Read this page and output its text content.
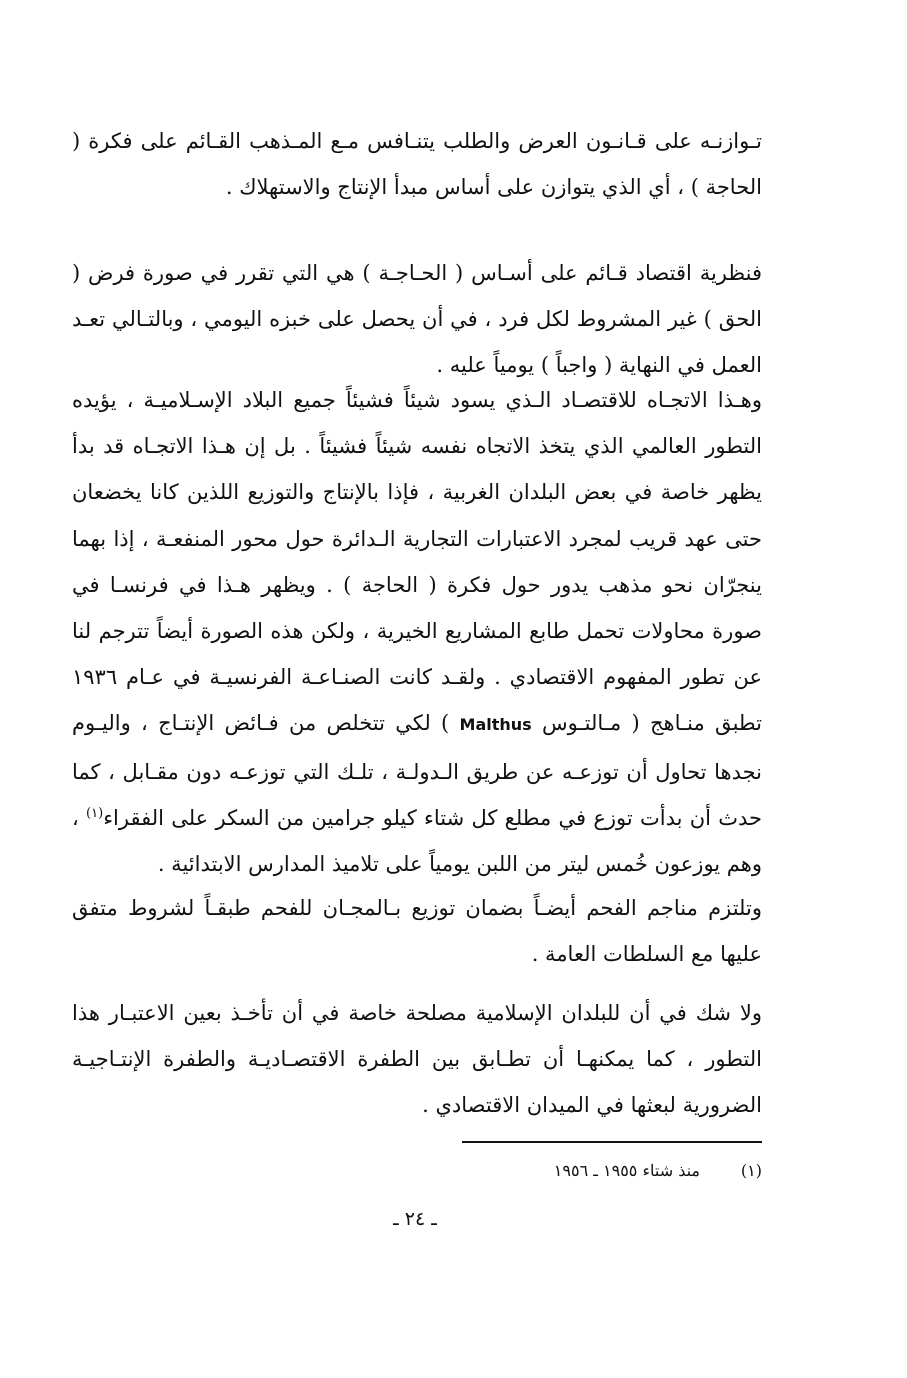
تـوازنـه على قـانـون العرض والطلب يتنـافس مـع المـذهب القـائم على فكرة ( الحاجة ) ، أي الذي يتوازن على أساس مبدأ الإنتاج والاستهلاك .

فنظرية اقتصاد قـائم على أسـاس ( الحـاجـة ) هي التي تقرر في صورة فرض ( الحق ) غير المشروط لكل فرد ، في أن يحصل على خبزه اليومي ، وبالتـالي تعـد العمل في النهاية ( واجباً ) يومياً عليه .

وهـذا الاتجـاه للاقتصـاد الـذي يسود شيئاً فشيئاً جميع البلاد الإسـلاميـة ، يؤيده التطور العالمي الذي يتخذ الاتجاه نفسه شيئاً فشيئاً . بل إن هـذا الاتجـاه قد بدأ يظهر خاصة في بعض البلدان الغربية ، فإذا بالإنتاج والتوزيع اللذين كانا يخضعان حتى عهد قريب لمجرد الاعتبارات التجارية الـدائرة حول محور المنفعـة ، إذا بهما ينجرّان نحو مذهب يدور حول فكرة ( الحاجة ) . ويظهر هـذا في فرنسـا في صورة محاولات تحمل طابع المشاريع الخيرية ، ولكن هذه الصورة أيضاً تترجم لنا عن تطور المفهوم الاقتصادي . ولقـد كانت الصنـاعـة الفرنسيـة في عـام ١٩٣٦ تطبق منـاهج ( مـالتـوس Malthus ) لكي تتخلص من فـائض الإنتـاج ، واليـوم نجدها تحاول أن توزعـه عن طريق الـدولـة ، تلـك التي توزعـه دون مقـابل ، كما حدث أن بدأت توزع في مطلع كل شتاء كيلو جرامين من السكر على الفقراء$^{(١)}$ ، وهم يوزعون خُمس ليتر من اللبن يومياً على تلاميذ المدارس الابتدائية .

وتلتزم مناجم الفحم أيضـاً بضمان توزيع بـالمجـان للفحم طبقـاً لشروط متفق عليها مع السلطات العامة .

ولا شك في أن للبلدان الإسلامية مصلحة خاصة في أن تأخـذ بعين الاعتبـار هذا التطور ، كما يمكنهـا أن تطـابق بين الطفرة الاقتصـاديـة والطفرة الإنتـاجيـة الضرورية لبعثها في الميدان الاقتصادي .

(١)
منذ شتاء ١٩٥٥ ـ ١٩٥٦
ـ ٢٤ ـ
